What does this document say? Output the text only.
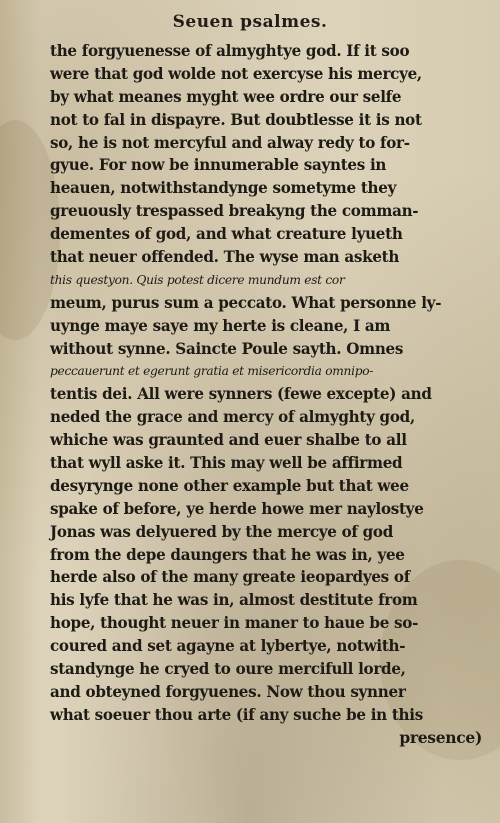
Seuen psalmes.
the forgyuenesse of almyghtye god. If it soo
were that god wolde not exercyse his mercye,
by what meanes myght wee ordre our selfe
not to fal in dispayre. But doubtlesse it is not
so, he is not mercyful and alway redy to for-
gyue. For now be innumerable sayntes in
heauen, notwithstandynge sometyme they
greuously trespassed breakyng the comman-
dementes of god, and what creature lyueth
that neuer offended. The wyse man asketh
this questyon. Quis potest dicere mundum est cor
meum, purus sum a peccato. What personne ly-
uynge maye saye my herte is cleane, I am
without synne. Saincte Poule sayth. Omnes
peccauerunt et egerunt gratia et misericordia omnipo-
tentis dei. All were synners (fewe excepte) and
neded the grace and mercy of almyghty god,
whiche was graunted and euer shalbe to all
that wyll aske it. This may well be affirmed
desyrynge none other example but that wee
spake of before, ye herde howe mer naylostye
Jonas was delyuered by the mercye of god
from the depe daungers that he was in, yee
herde also of the many greate ieopardyes of
his lyfe that he was in, almost destitute from
hope, thought neuer in maner to haue be so-
coured and set agayne at lybertye, notwith-
standynge he cryed to oure mercifull lorde,
and obteyned forgyuenes. Now thou synner
what soeuer thou arte (if any suche be in this
presence)
